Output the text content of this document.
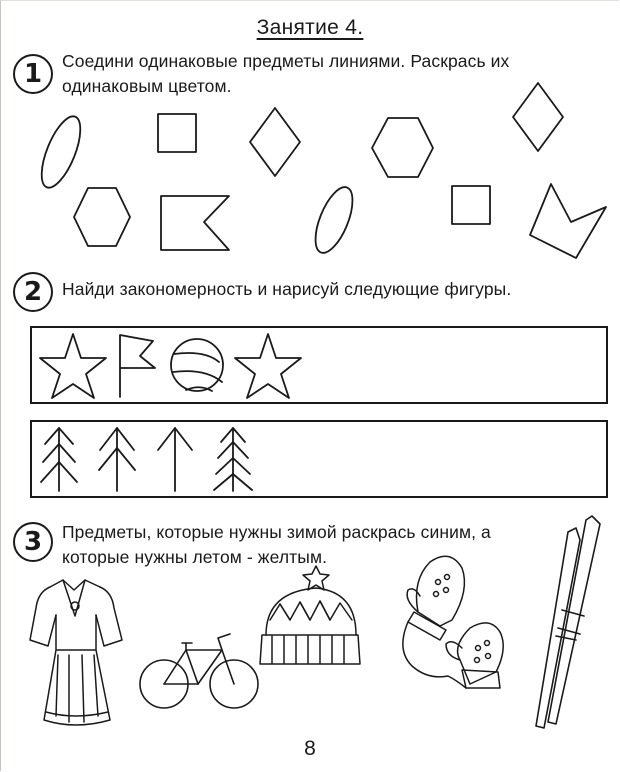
Занятие 4.
1 Соедини одинаковые предметы линиями. Раскрась их
одинаковым цветом.
2 Найди закономерность и нарисуй следующие фигуры.
3 Предметы, которые нужны зимой раскрась синим, а
которые нужны летом - желтым.
8
